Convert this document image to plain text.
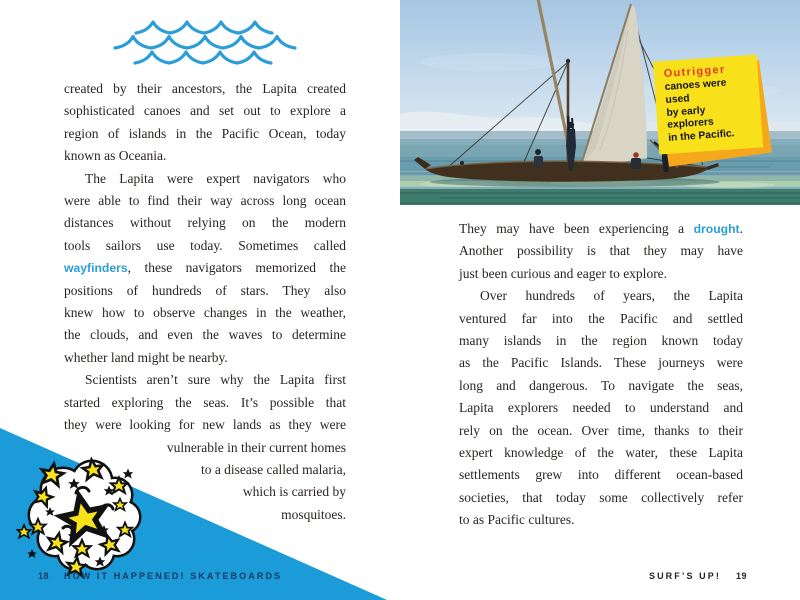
created by their ancestors, the Lapita created
sophisticated canoes and set out to explore a
region of islands in the Pacific Ocean, today
known as Oceania.
The Lapita were expert navigators who
were able to find their way across long ocean
distances without relying on the modern
tools sailors use today. Sometimes called
wayfinders, these navigators memorized the
positions of hundreds of stars. They also
knew how to observe changes in the weather,
the clouds, and even the waves to determine
whether land might be nearby.
Scientists aren’t sure why the Lapita first
started exploring the seas. It’s possible that
they were looking for new lands as they were
vulnerable in their current homes
to a disease called malaria,
which is carried by
mosquitoes.
Outrigger
canoes were used
by early explorers
in the Pacific.
They may have been experiencing a drought.
Another possibility is that they may have
just been curious and eager to explore.
Over hundreds of years, the Lapita
ventured far into the Pacific and settled
many islands in the region known today
as the Pacific Islands. These journeys were
long and dangerous. To navigate the seas,
Lapita explorers needed to understand and
rely on the ocean. Over time, thanks to their
expert knowledge of the water, these Lapita
settlements grew into different ocean-based
societies, that today some collectively refer
to as Pacific cultures.
18 HOW IT HAPPENED! SKATEBOARDS	SURF’S UP! 19
